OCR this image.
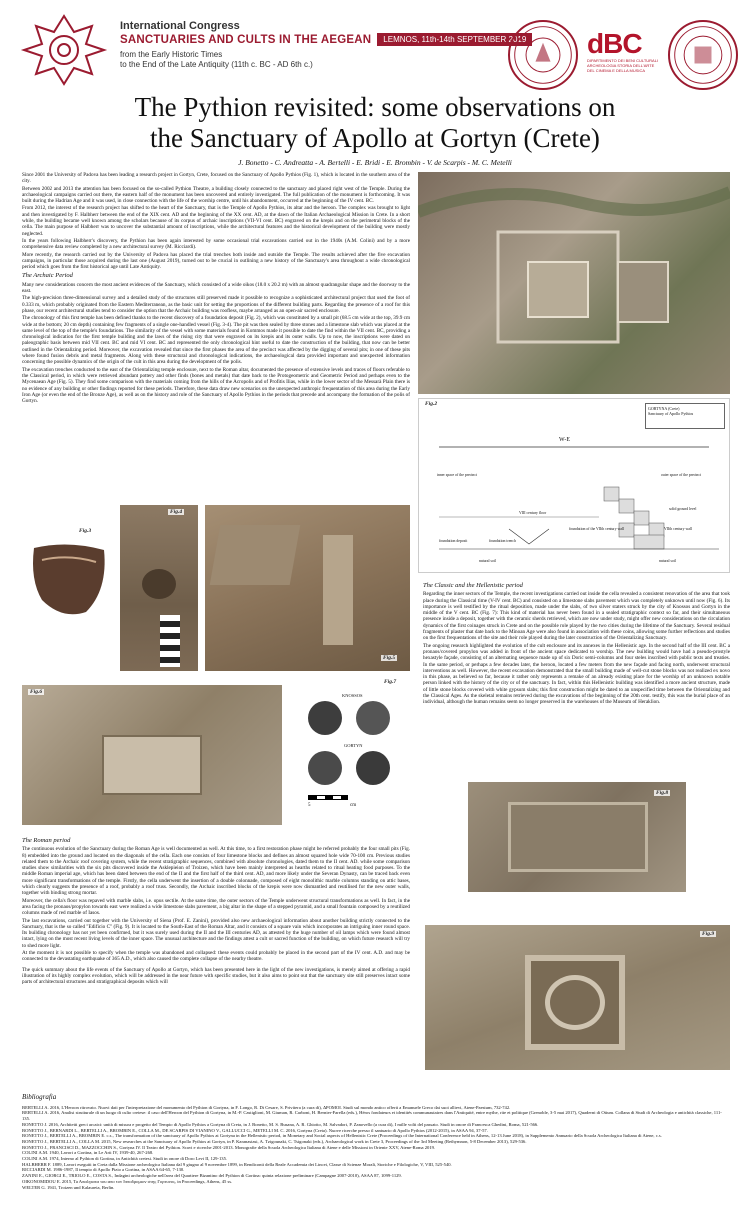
International Congress
SANCTUARIES AND CULTS IN THE AEGEAN	LEMNOS, 11th-14th SEPTEMBER 2019
from the Early Historic Times
to the End of the Late Antiquity (11th c. BC - AD 6th c.)
dBC
DIPARTIMENTO DEI BENI CULTURALI ARCHEOLOGIA STORIA DELL'ARTE DEL CINEMA E DELLA MUSICA
The Pythion revisited: some observations on
the Sanctuary of Apollo at Gortyn (Crete)
J. Bonetto - C. Andreatta - A. Bertelli - E. Bridi - E. Brombin - V. de Scarpis - M. C. Metelli

Since 2001 the University of Padova has been leading a research project in Gortyn, Crete, focused on the Sanctuary of Apollo Pythios (Fig. 1), which is located in the southern area of the city.

Between 2002 and 2013 the attention has been focused on the so-called Pythion Theatre, a building closely connected to the sanctuary and placed right west of the Temple. During the archaeological campaigns carried out there, the eastern half of the monument has been uncovered and entirely investigated. The full publication of the monument is forthcoming. It was built during the Hadrian Age and it was used, in close connection with the life of the worship centre, until his abandonment, occurred at the beginning of the IV cent. BC.

From 2012, the interest of the research project has shifted to the heart of the Sanctuary, that is the Temple of Apollo Pythios, its altar and the heroon. The complex was brought to light and then investigated by F. Halbherr between the end of the XIX cent. AD and the beginning of the XX cent. AD, at the dawn of the Italian Archaeological Mission in Crete. In a short while, the building became well known among the scholars because of its corpus of archaic inscriptions (VII-VI cent. BC) engraved on the krepis and on the perimetral blocks of the cella. The main purpose of Halbherr was to uncover the substantial amount of inscriptions, while the architectural features and the historical development of the building were mostly neglected.

In the years following Halbherr's discovery, the Pythion has been again interested by some occasional trial excavations carried out in the 1940s (A.M. Colini) and by a more comprehensive data review completed by a new architectural survey (M. Ricciardi).

More recently, the research carried out by the University of Padova has placed the trial trenches both inside and outside the Temple. The results achieved after the five excavation campaigns, in particular those acquired during the last one (August 2019), turned out to be crucial in outlining a new history of the Sanctuary's area throughout a wide chronological period which goes from the first historical age until Late Antiquity.

The Archaic Period

Many new considerations concern the most ancient evidences of the Sanctuary, which consisted of a wide oikos (18.0 x 20.2 m) with an almost quadrangular shape and the doorway to the east.

The high-precision three-dimensional survey and a detailed study of the structures still preserved made it possible to recognize a sophisticated architectural project that used the foot of 0.333 m, which probably originated from the Eastern Mediterranean, as the basic unit for setting the proportions of the different building parts. Regarding the presence of a roof for this phase, our recent architectural studies tend to consider the option that the Archaic building was roofless, maybe arranged as an open-air sacred enclosure.

The chronology of this first temple has been defined thanks to the recent discovery of a foundation deposit (Fig. 2), which was constituted by a small pit (68.5 cm wide at the top, 39.9 cm wide at the bottom; 20 cm depth) containing few fragments of a single one-handled vessel (Fig. 3-4). The pit was then sealed by three stones and a limestone slab which was placed at the same level of the top of the temple's foundations. The similarity of the vessel with some materials found in Kommos made it possible to date the find within the VII cent. BC, providing a chronological indication for the first temple building and the laws of the rising city that were engraved on its krepis and its outer walls. Up to now, the inscriptions were dated on paleographic basis between mid VII cent. BC and mid VI cent. BC and represented the only chronological hint useful to date the construction of the building, that now can be better outlined in the Orientalizing period. Moreover, the excavation revealed that since the first phases the area of the precinct was affected by the digging of several pits; in one of these pits where found fusion debris and metal fragments. Along with these structural and chronological indications, the archaeological data provided important and unexpected information concerning the possible dynamics of the origin of the cult in this area during the development of the polis.

The excavation trenches conducted to the east of the Orientalizing temple enclosure, next to the Roman altar, documented the presence of extensive levels and traces of floors referable to the Classical period, in which were retrieved abundant pottery and other finds (bones and metals) that date back to the Protogeometric and Geometric Period and perhaps even to the Mycenaean Age (Fig. 5). They find some comparison with the materials coming from the hills of the Acropolis and of Profitis Ilias, while in the lower sector of the Messarà Plain there is no evidence of any building or other findings reported for these periods. Therefore, these data draw new scenarios on the unexpected anthropic frequentation of this area during the Early Iron Age (or even the end of the Bronze Age), as well as on the history and role of the Sanctuary of Apollo Pythios in the periods that precede and accompany the formation of the polis of Gortyn.	Fig.2
GORTYNA (Crete)
Sanctuary of Apollo Pythios
W-E
inner space of the precinct	outer space of the precinct
VIII century floor
solid ground level
foundation deposit	foundation trench
foundation of the VIIth century wall	VIIth century wall
natural soil	natural soil
Fig.3
Fig.4
Fig.5
Fig.6
Fig.7
KNOSSOS
GORTYN
5	cm
The Classic and the Hellenistic period

Regarding the inner sectors of the Temple, the recent investigations carried out inside the cella revealed a consistent renovation of the area that took place during the Classical time (V-IV cent. BC) and consisted on a limestone slabs pavement which was completely unknown until now (Fig. 6). Its importance is well testified by the ritual deposition, made under the slabs, of two silver staters struck by the city of Knossos and Gortyn in the middle of the V cent. BC (Fig. 7): This kind of material has never been found in a sealed stratigraphic context so far, and their simultaneous presence inside a deposit, together with the ceramic sherds retrieved, which are now under study, might offer new considerations on the circulation dynamics of the first coinages struck in Crete and on the possible role played by the two cities during the lifetime of the Sanctuary. Several residual fragments of plaster that date back to the Minoan Age were also found in association with these coins, allowing some further reflections and studies on the first frequentations of the site and their role played during the later construction of the Orientalizing Sanctuary.

The ongoing research highlighted the evolution of the cult enclosure and its annexes in the Hellenistic age. In the second half of the III cent. BC a pronaos/covered propylon was added in front of the ancient space dedicated to worship. The new building would have had a pseudo-prostyle hexastyle façade, consisting of an alternating sequence made up of six Doric semi-columns and four steles inscribed with public texts and treaties. In the same period, or perhaps a few decades later, the heroon, located a few meters from the new façade and facing north, underwent structural interventions as well. However, the recent excavation demonstrated that the small building made of well-cut stone blocks was not realized ex novo in this phase, as believed so far, because it rather only represents a remake of an already existing place for the worship of an unknown notable person linked with the history of the city or of the sanctuary. In fact, within this Hellenistic building was identified a more ancient structure, made of little stone blocks covered with white gypsum slabs; this first construction might be dated to an unspecified time between the Orientalizing and the Classical Ages. As the skeletal remains retrieved during the excavations of the beginning of the 20th cent. testify, this was the burial place of an individual, although the human remains seem no longer preserved in the warehouses of the Museum of Heraklion.

Fig.8
The Roman period

The continuous evolution of the Sanctuary during the Roman Age is well documented as well. At this time, to a first restoration phase might be referred probably the four small pits (Fig. 8) embedded into the ground and located on the diagonals of the cella. Each one consists of four limestone blocks and defines an almost squared hole wide 70-100 cm. Previous studies related them to the Archaic roof covering system, while the recent stratigraphic sequences, combined with absolute chronologies, dated them to the II cent. AD. while some comparison studies show similarities with the six pits discovered inside the Asklepieion of Troizen, which have been mainly interpreted as hearths related to ritual heating food purposes. To the middle Roman imperial age, which has been dated between the end of the II and the first half of the third cent. AD, and more likely under the Severan Dynasty, can be traced back even more significant transformations of the temple. Firstly, the cella underwent the insertion of a double colonnade, composed of eight monolithic marble columns standing on attic bases, which clearly suggests the presence of a roof, probably a roof truss. Secondly, the Archaic inscribed blocks of the krepis were now dismantled and reutilised for the new outer walls, together with binding strong mortar.

Moreover, the cella's floor was repaved with marble slabs, i.e. opus sectile. At the same time, the outer sectors of the Temple underwent structural transformations as well. In fact, in the area facing the pronaos/propylon towards east were realized a wide limestone slabs pavement, a big altar in the shape of a stepped pyramid, and a small fountain composed by a reutilized columns made of red marble of Iasos.

The last excavations, carried out together with the University of Siena (Prof. E. Zanini), provided also new archaeological information about another building strictly connected to the Sanctuary, that is the so called "Edificio C" (Fig. 9). It is located to the South-East of the Roman Altar, and it consists of a square vain which incorporates an intriguing inner round space. Its building chronology has not yet been confirmed, but it was surely used during the II and the III centuries AD, as attested by the huge number of oil lamps which were found almost intact, lying on the most recent living levels of the inner space. The unusual architecture and the findings attest a cult or sacred function of the building, on which future research will try to shed more light.

At the moment it is not possible to specify when the temple was abandoned and collapsed: these events could probably be placed in the second part of the IV cent. A.D. and may be connected to the devastating earthquake of 365 A.D., which also caused the complete collapse of the nearby theatre.

The quick summary about the life events of the Sanctuary of Apollo at Gortyn, which has been presented here in the light of the new investigations, is merely aimed at offering a rapid illustration of its highly complex evolution, which will be addressed in the near future with specific studies, but it also aims to point out that the sanctuary site still preserves intact some parts of architectural structures and stratigraphical deposits which will

Fig.9
Bibliografia
BERTELLI A. 2016, L'Heroon ritrovato. Nuovi dati per l'interpretazione del monumento del Pythion di Gortyna, in F. Longo, R. Di Cesare, S. Privitera (a cura di), ΔΡΟΜΟΙ. Studi sul mondo antico offerti a Emanuele Greco dai suoi allievi, Atene-Paestum, 732-742.
BERTELLI A. 2016, Analisi strutturale di un luogo di culto cretese: il caso dell'Heroon del Pythion di Gortyna, in M.-P. Castiglioni, M. Giuman, R. Carboni, H. Bernier-Farella (eds.), Héros fondateurs et identités communautaires dans l'Antiquité, entre mythe, rite et politique (Grenoble, 3-5 mai 2017), Quaderni di Otium. Collana di Studi di Archeologia e antichità classiche, 111-135.
BONETTO J. 2016, Architetti greci arcaici: unità di misura e progetto del Tempio di Apollo Pythios a Gortyna di Creta, in J. Bonetto, M. S. Busana, A. R. Ghiotto, M. Salvadori, P. Zanovello (a cura di), I mille volti del passato. Studi in onore di Francesca Ghedini, Roma, 521-566.
BONETTO J., BERNARDI L., BERTELLI A., BROMBIN E., COLLA M., DE SCARPIS DI VIANINO V., GALLUCCI G., METELLI M. C. 2016, Gortyna (Creta). Nuove ricerche presso il santuario di Apollo Pythios (2012-2015), in ASAA 94, 37-57.
BONETTO J., BERTELLI A., BROMBIN E. c.s., The transformation of the sanctuary of Apollo Pythios at Gortyna in the Hellenistic period, in Monetary and Social aspects of Hellenistic Crete (Proceedings of the International Conference held in Athens, 12-13 June 2018), in Supplemento Annuario della Scuola Archeologica Italiana di Atene, c.s.
BONETTO J., BERTELLI A., COLLA M. 2015, New researches at the Sanctuary of Apollo Pythios at Gortyn, in P. Karanastasi, A. Tzigounaki, C. Tsigonaki (eds.), Archaeological work in Crete 3, Proceedings of the 3rd Meeting (Rethymnon, 5-8 December 2013), 529-536.
BONETTO J., FRANCISCI D., MAZZOCCHIN S., Gortyna IV. Il Teatro del Pythion. Scavi e ricerche 2001-2013. Monografie della Scuola Archeologica Italiana di Atene e delle Missioni in Oriente XXV, Atene-Roma 2019.
COLINI A.M. 1940, Lavori a Gortina, in Le Arti IV, 1939-40, 267-268.
COLINI A.M. 1974, Interno al Pythion di Gortina, in Antichità cretesi. Studi in onore di Doro Levi II, 129-135.
HALBHERR F. 1889, Lavori eseguiti in Creta dalla Missione archeologica Italiana dal 9 giugno al 9 novembre 1899, in Rendiconti della Reale Accademia dei Lincei, Classe di Scienze Morali, Storiche e Filologiche, V, VIII, 525-540.
RICCIARDI M. 1986-1987, Il tempio di Apollo Pizio a Gortina, in ASAA 64-65, 7-130.
ZANINI E., GIORGI E., TRIOLO E., COSTA S., Indagini archeologiche nell'area del Quartiere Bizantino del Pythion di Gortina: quinta relazione preliminare (Campagne 2007-2010), ASAA 87, 1099-1129.
OIKONOMIDOU E. 2015, Ta Aπαλγιατα του απο τον Ιπποδρομιον στης Γορτυνος, in Proceedings, Athens, 45 ss.
WELTER G. 1941, Troizen und Kalaureia, Berlin.
